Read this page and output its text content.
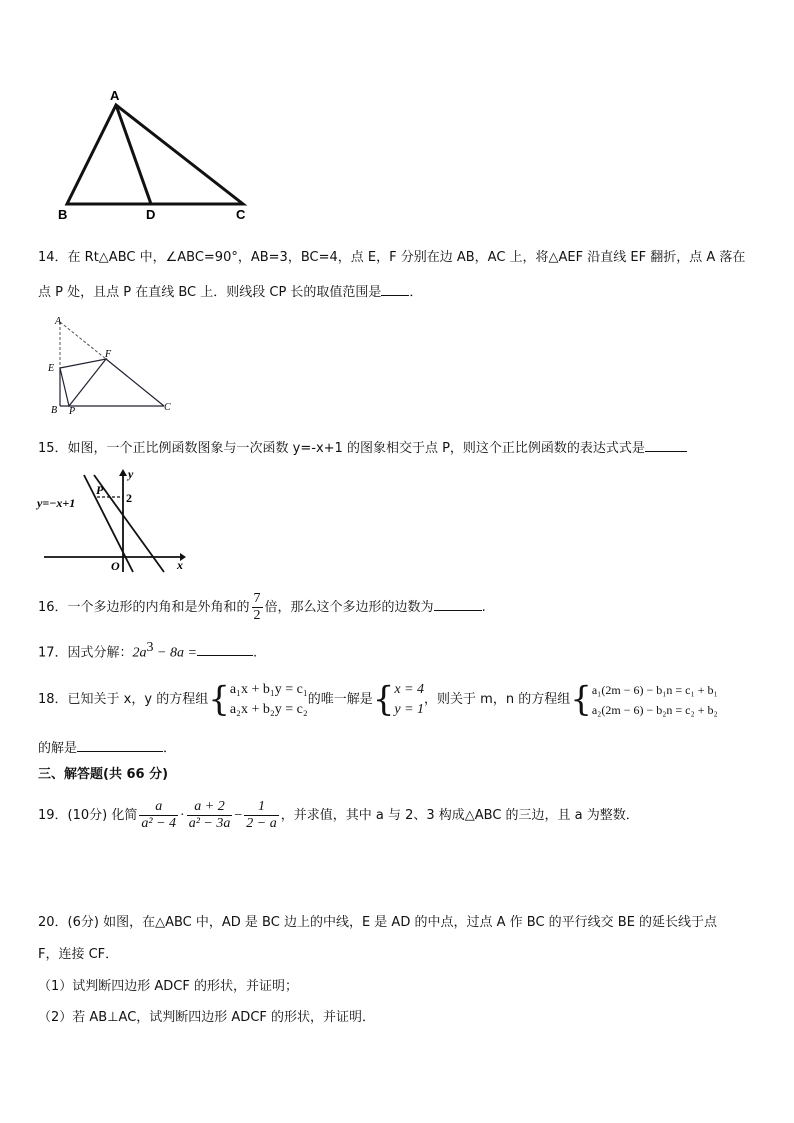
A
B	D	C
14．在 Rt△ABC 中，∠ABC=90°，AB=3，BC=4，点 E，F 分别在边 AB，AC 上，将△AEF 沿直线 EF 翻折，点 A 落在
点 P 处，且点 P 在直线 BC 上．则线段 CP 长的取值范围是 ．
A
E
F
B P	C
15．如图，一个正比例函数图象与一次函数 y=-x+1 的图象相交于点 P，则这个正比例函数的表达式式是
y
x
O
P
2
y=−x+1
16．一个多边形的内角和是外角和的 $\frac{7}{2}$ 倍，那么这个多边形的边数为	.
17．因式分解：$2a^3 - 8a$ =	.
18．已知关于 x，y 的方程组{ a₁x + b₁y = c₁
a₂x + b₂y = c₂
的唯一解是{ x = 4
y = 1
，则关于 m，n 的方程组{ a₁(2m − 6) − b₁n = c₁ + b₁
a₂(2m − 6) − b₂n = c₂ + b₂
的解是	．
三、解答题(共 66 分)
19．(10分) 化简 $\frac{a}{\text{a² − 4}} \cdot \frac{a + 2}{\text{a² − 3a}} - \frac{1}{2 - a}$ ，并求值，其中 a 与 2、3 构成△ABC 的三边，且 a 为整数．
20．(6分) 如图，在△ABC 中，AD 是 BC 边上的中线，E 是 AD 的中点，过点 A 作 BC 的平行线交 BE 的延长线于点
F，连接 CF．
（1）试判断四边形 ADCF 的形状，并证明；
（2）若 AB⊥AC，试判断四边形 ADCF 的形状，并证明．
